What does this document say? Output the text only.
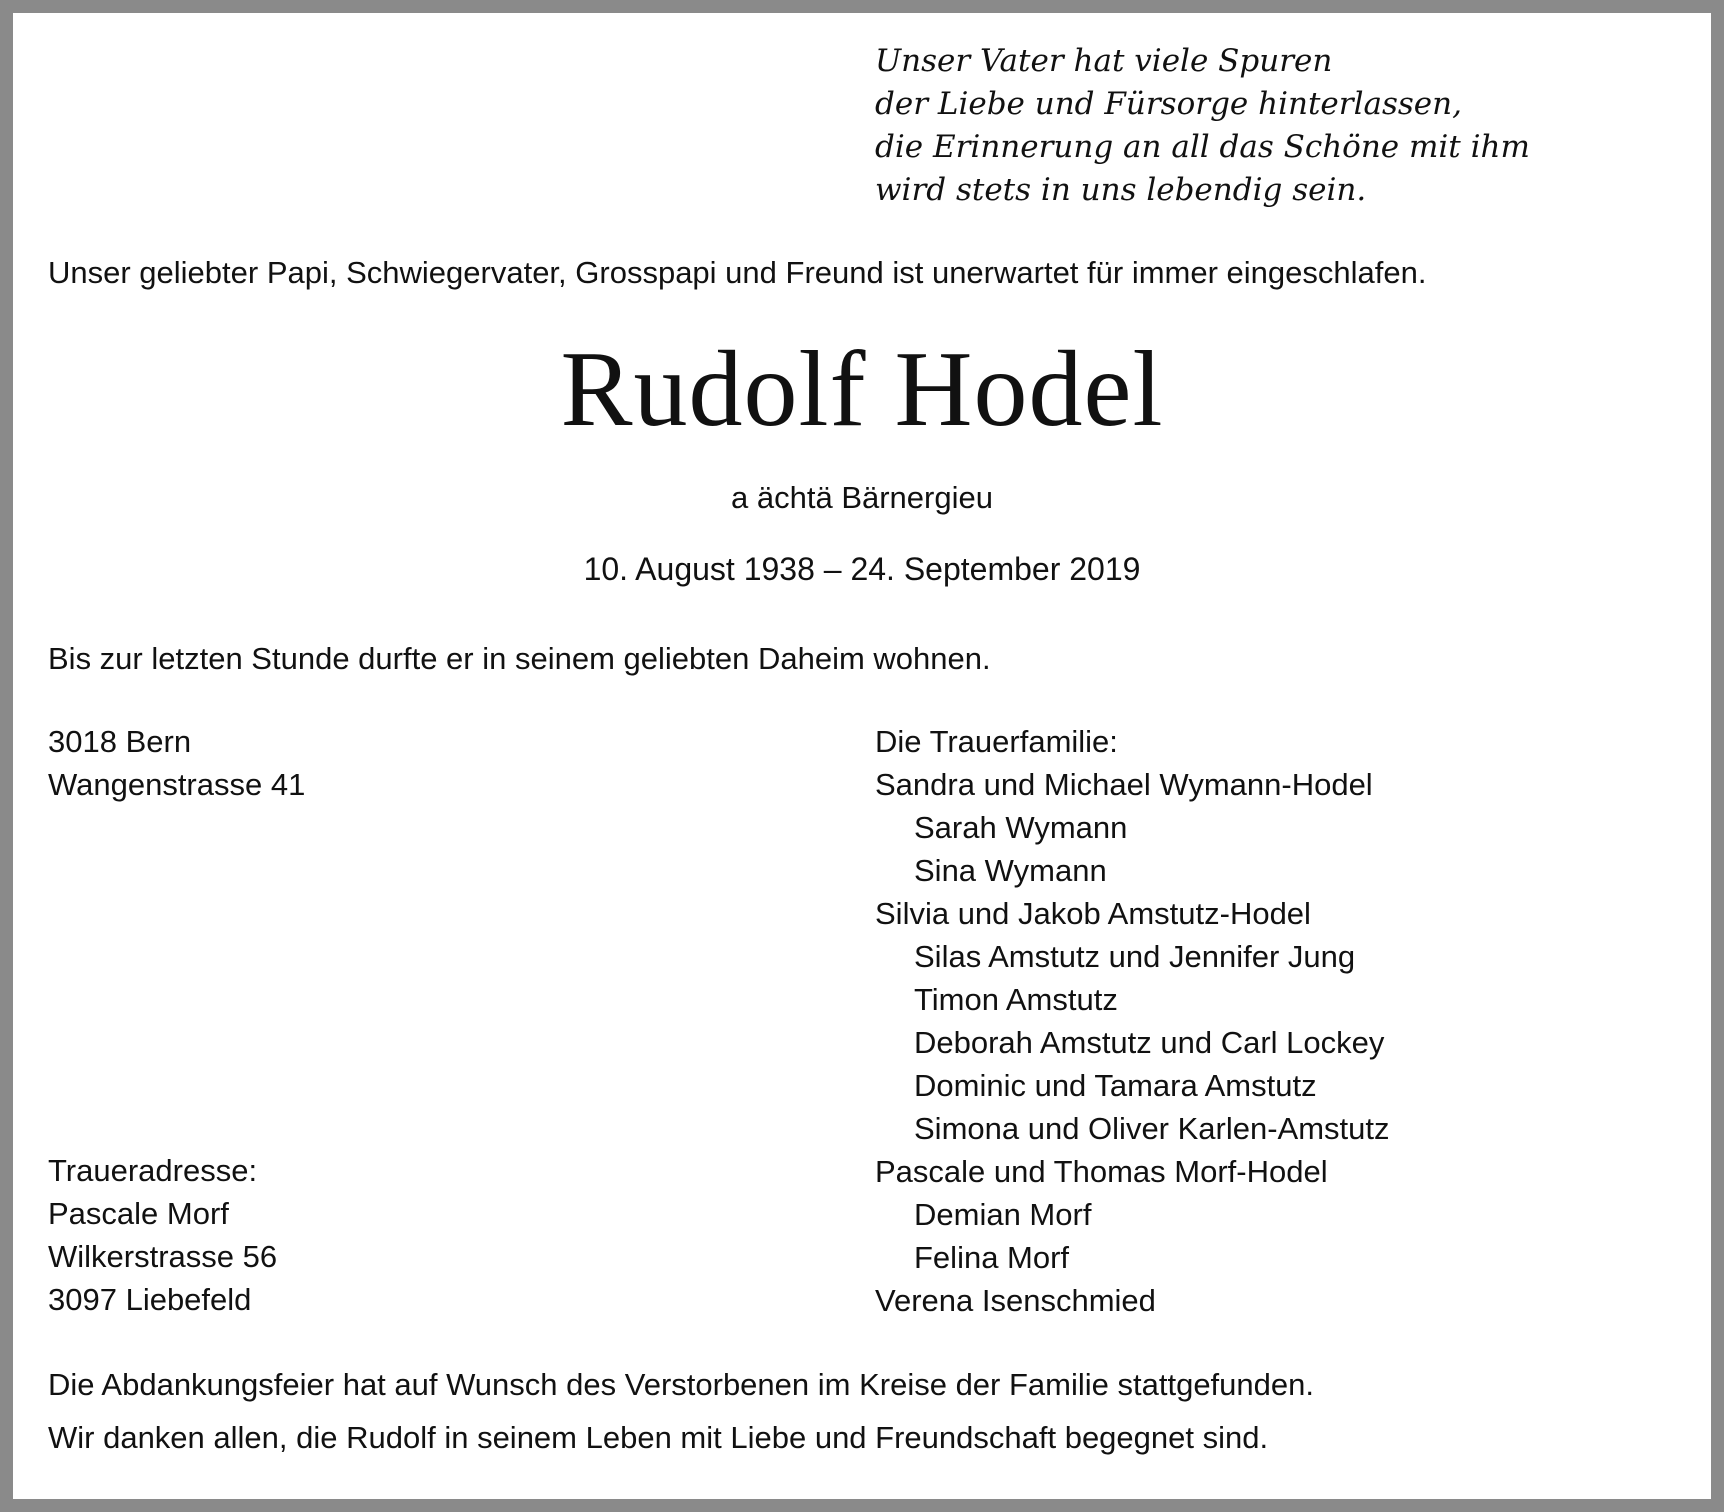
Unser Vater hat viele Spuren
der Liebe und Fürsorge hinterlassen,
die Erinnerung an all das Schöne mit ihm
wird stets in uns lebendig sein.
Unser geliebter Papi, Schwiegervater, Grosspapi und Freund ist unerwartet für immer eingeschlafen.
Rudolf Hodel
a ächtä Bärnergieu
10. August 1938 – 24. September 2019
Bis zur letzten Stunde durfte er in seinem geliebten Daheim wohnen.
3018 Bern
Wangenstrasse 41
Traueradresse:
Pascale Morf
Wilkerstrasse 56
3097 Liebefeld
Die Trauerfamilie:
Sandra und Michael Wymann-Hodel
Sarah Wymann
Sina Wymann
Silvia und Jakob Amstutz-Hodel
Silas Amstutz und Jennifer Jung
Timon Amstutz
Deborah Amstutz und Carl Lockey
Dominic und Tamara Amstutz
Simona und Oliver Karlen-Amstutz
Pascale und Thomas Morf-Hodel
Demian Morf
Felina Morf
Verena Isenschmied
Die Abdankungsfeier hat auf Wunsch des Verstorbenen im Kreise der Familie stattgefunden.
Wir danken allen, die Rudolf in seinem Leben mit Liebe und Freundschaft begegnet sind.
